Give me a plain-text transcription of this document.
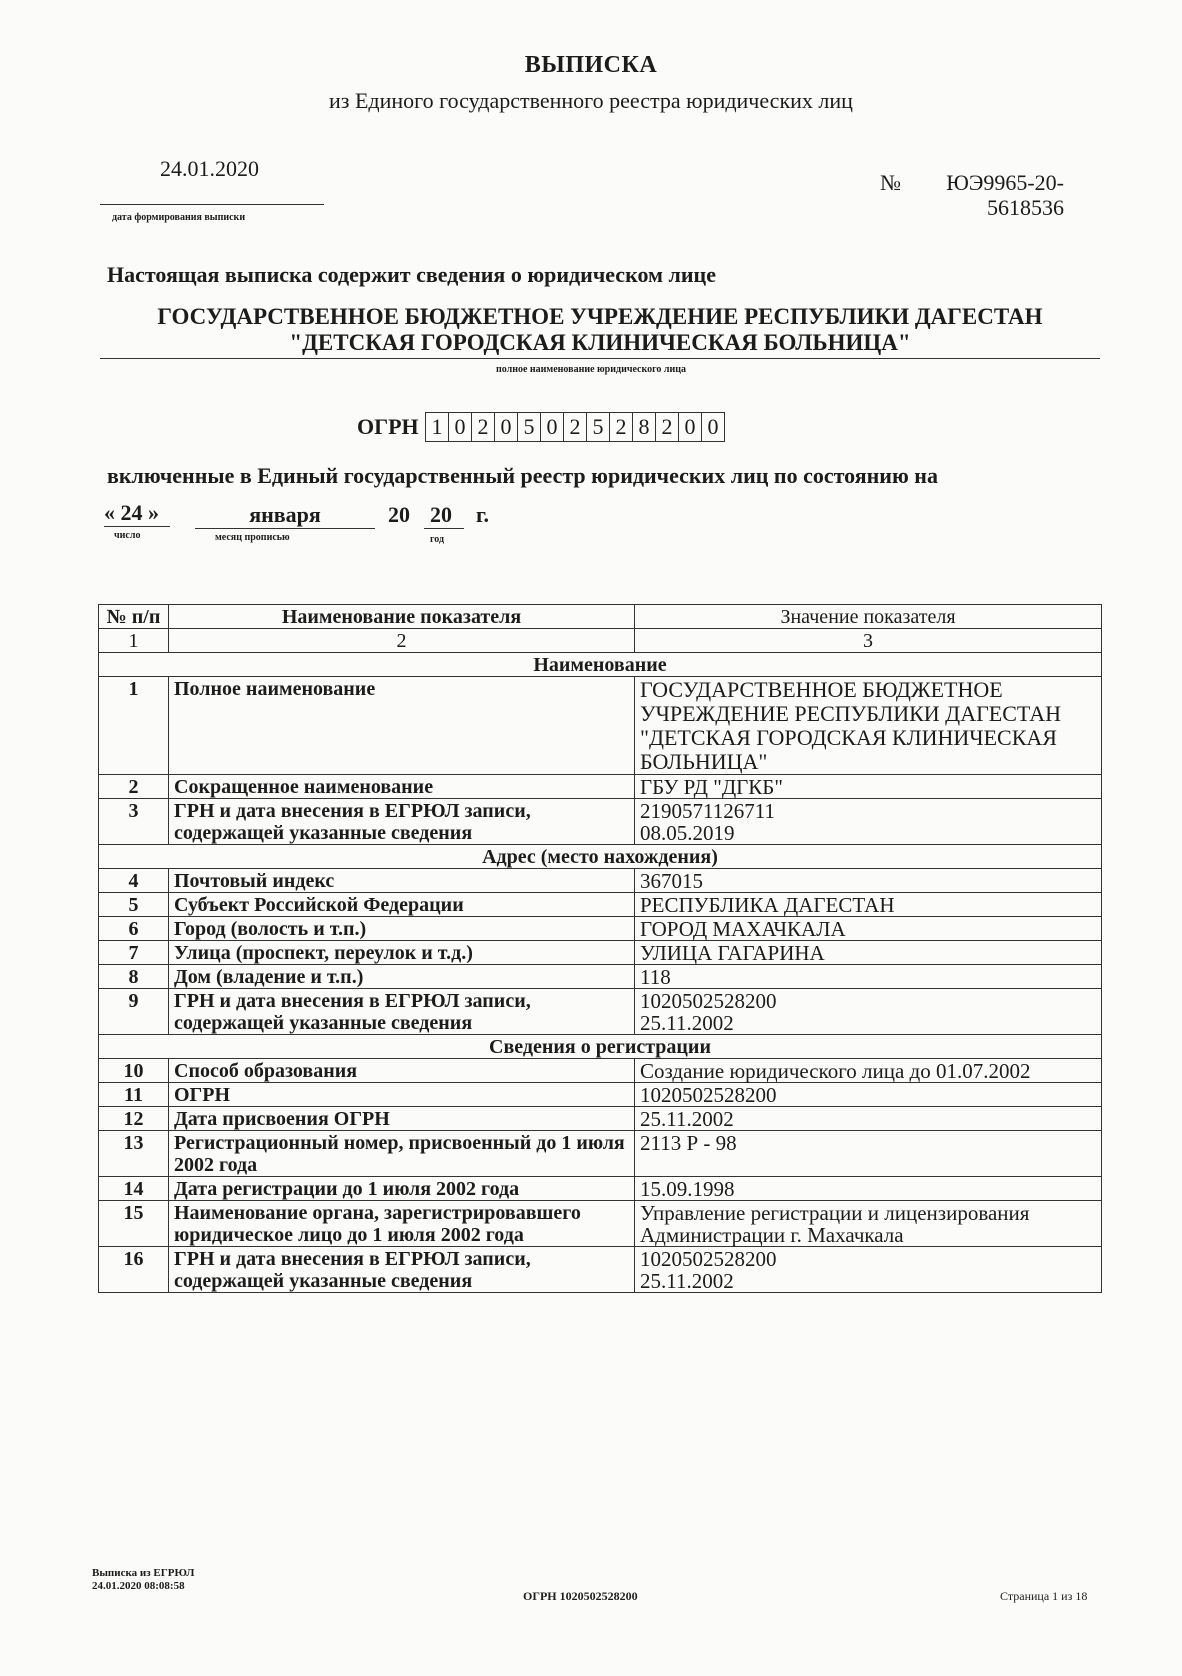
ВЫПИСКА
из Единого государственного реестра юридических лиц
24.01.2020
дата формирования выписки
№ ЮЭ9965-20-
5618536
Настоящая выписка содержит сведения о юридическом лице
ГОСУДАРСТВЕННОЕ БЮДЖЕТНОЕ УЧРЕЖДЕНИЕ РЕСПУБЛИКИ ДАГЕСТАН
"ДЕТСКАЯ ГОРОДСКАЯ КЛИНИЧЕСКАЯ БОЛЬНИЦА"
полное наименование юридического лица
ОГРН 1 0 2 0 5 0 2 5 2 8 2 0 0
включенные в Единый государственный реестр юридических лиц по состоянию на
« 24 »
число
января
месяц прописью
20 20
год
г.
№ п/п	Наименование показателя	Значение показателя
1	2	3
Наименование		
1	Полное наименование	ГОСУДАРСТВЕННОЕ БЮДЖЕТНОЕ УЧРЕЖДЕНИЕ РЕСПУБЛИКИ ДАГЕСТАН "ДЕТСКАЯ ГОРОДСКАЯ КЛИНИЧЕСКАЯ БОЛЬНИЦА"
2	Сокращенное наименование	ГБУ РД "ДГКБ"
3	ГРН и дата внесения в ЕГРЮЛ записи, содержащей указанные сведения	2190571126711
08.05.2019

Адрес (место нахождения)		
4	Почтовый индекс	367015
5	Субъект Российской Федерации	РЕСПУБЛИКА ДАГЕСТАН
6	Город (волость и т.п.)	ГОРОД МАХАЧКАЛА
7	Улица (проспект, переулок и т.д.)	УЛИЦА ГАГАРИНА
8	Дом (владение и т.п.)	118
9	ГРН и дата внесения в ЕГРЮЛ записи, содержащей указанные сведения	1020502528200
25.11.2002

Сведения о регистрации		
10	Способ образования	Создание юридического лица до 01.07.2002
11	ОГРН	1020502528200
12	Дата присвоения ОГРН	25.11.2002
13	Регистрационный номер, присвоенный до 1 июля 2002 года	2113 Р - 98
14	Дата регистрации до 1 июля 2002 года	15.09.1998
15	Наименование органа, зарегистрировавшего юридическое лицо до 1 июля 2002 года	Управление регистрации и лицензирования Администрации г. Махачкала
16	ГРН и дата внесения в ЕГРЮЛ записи, содержащей указанные сведения	1020502528200
25.11.2002
Выписка из ЕГРЮЛ
24.01.2020 08:08:58
ОГРН 1020502528200	Страница 1 из 18
